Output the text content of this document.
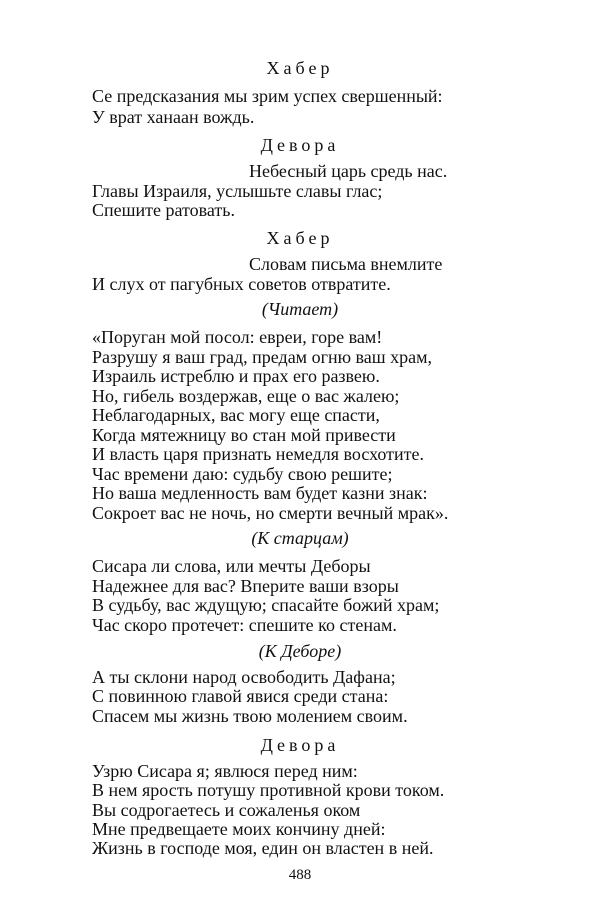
Хабер
Се предсказания мы зрим успех свершенный:
У врат ханаан вождь.
Девора
Небесный царь средь нас.
Главы Израиля, услышьте славы глас;
Спешите ратовать.
Хабер
Словам письма внемлите
И слух от пагубных советов отвратите.
(Читает)
«Поруган мой посол: евреи, горе вам!
Разрушу я ваш град, предам огню ваш храм,
Израиль истреблю и прах его развею.
Но, гибель воздержав, еще о вас жалею;
Неблагодарных, вас могу еще спасти,
Когда мятежницу во стан мой привести
И власть царя признать немедля восхотите.
Час времени даю: судьбу свою решите;
Но ваша медленность вам будет казни знак:
Сокроет вас не ночь, но смерти вечный мрак».
(К старцам)
Сисара ли слова, или мечты Деборы
Надежнее для вас? Вперите ваши взоры
В судьбу, вас ждущую; спасайте божий храм;
Час скоро протечет: спешите ко стенам.
(К Деборе)
А ты склони народ освободить Дафана;
С повинною главой явися среди стана:
Спасем мы жизнь твою молением своим.
Девора
Узрю Сисара я; явлюся перед ним:
В нем ярость потушу противной крови током.
Вы содрогаетесь и сожаленья оком
Мне предвещаете моих кончину дней:
Жизнь в господе моя, един он властен в ней.
488
